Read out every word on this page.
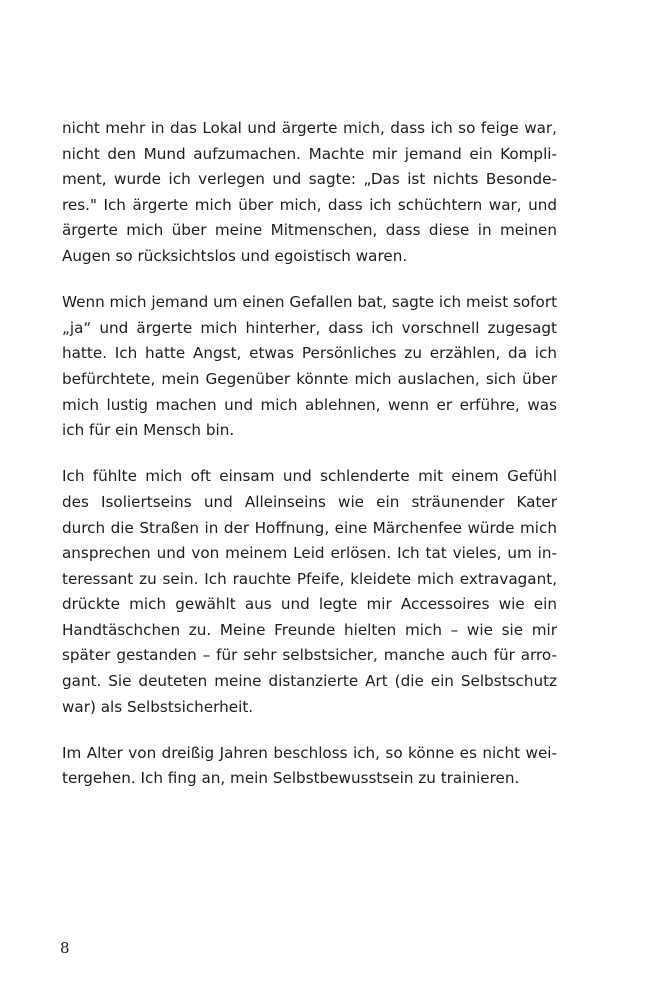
nicht mehr in das Lokal und ärgerte mich, dass ich so feige war,
nicht den Mund aufzumachen. Machte mir jemand ein Kompli-
ment, wurde ich verlegen und sagte: „Das ist nichts Besonde-
res." Ich ärgerte mich über mich, dass ich schüchtern war, und
ärgerte mich über meine Mitmenschen, dass diese in meinen
Augen so rücksichtslos und egoistisch waren.
Wenn mich jemand um einen Gefallen bat, sagte ich meist sofort
„ja“ und ärgerte mich hinterher, dass ich vorschnell zugesagt
hatte. Ich hatte Angst, etwas Persönliches zu erzählen, da ich
befürchtete, mein Gegenüber könnte mich auslachen, sich über
mich lustig machen und mich ablehnen, wenn er erführe, was
ich für ein Mensch bin.
Ich fühlte mich oft einsam und schlenderte mit einem Gefühl
des Isoliertseins und Alleinseins wie ein sträunender Kater
durch die Straßen in der Hoffnung, eine Märchenfee würde mich
ansprechen und von meinem Leid erlösen. Ich tat vieles, um in-
teressant zu sein. Ich rauchte Pfeife, kleidete mich extravagant,
drückte mich gewählt aus und legte mir Accessoires wie ein
Handtäschchen zu. Meine Freunde hielten mich – wie sie mir
später gestanden – für sehr selbstsicher, manche auch für arro-
gant. Sie deuteten meine distanzierte Art (die ein Selbstschutz
war) als Selbstsicherheit.
Im Alter von dreißig Jahren beschloss ich, so könne es nicht wei-
tergehen. Ich fing an, mein Selbstbewusstsein zu trainieren.
8
